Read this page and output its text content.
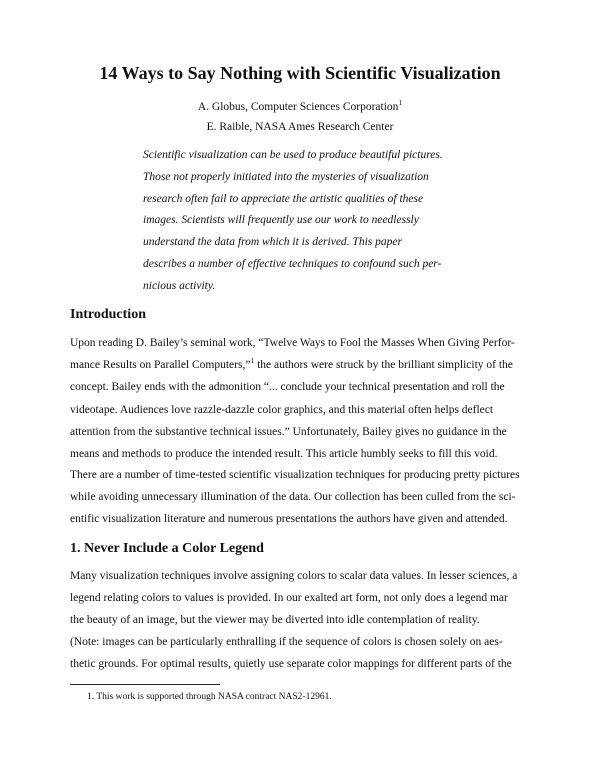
14 Ways to Say Nothing with Scientific Visualization
A. Globus, Computer Sciences Corporation$^1$
E. Raible, NASA Ames Research Center
Scientific visualization can be used to produce beautiful pictures.
Those not properly initiated into the mysteries of visualization
research often fail to appreciate the artistic qualities of these
images. Scientists will frequently use our work to needlessly
understand the data from which it is derived. This paper
describes a number of effective techniques to confound such per-
nicious activity.
Introduction
Upon reading D. Bailey’s seminal work, “Twelve Ways to Fool the Masses When Giving Perfor-
mance Results on Parallel Computers,”$^1$ the authors were struck by the brilliant simplicity of the
concept. Bailey ends with the admonition “... conclude your technical presentation and roll the
videotape. Audiences love razzle-dazzle color graphics, and this material often helps deflect
attention from the substantive technical issues.” Unfortunately, Bailey gives no guidance in the
means and methods to produce the intended result. This article humbly seeks to fill this void.
There are a number of time-tested scientific visualization techniques for producing pretty pictures
while avoiding unnecessary illumination of the data. Our collection has been culled from the sci-
entific visualization literature and numerous presentations the authors have given and attended.
1. Never Include a Color Legend
Many visualization techniques involve assigning colors to scalar data values. In lesser sciences, a
legend relating colors to values is provided. In our exalted art form, not only does a legend mar
the beauty of an image, but the viewer may be diverted into idle contemplation of reality.
(Note: images can be particularly enthralling if the sequence of colors is chosen solely on aes-
thetic grounds. For optimal results, quietly use separate color mappings for different parts of the
1. This work is supported through NASA contract NAS2-12961.
